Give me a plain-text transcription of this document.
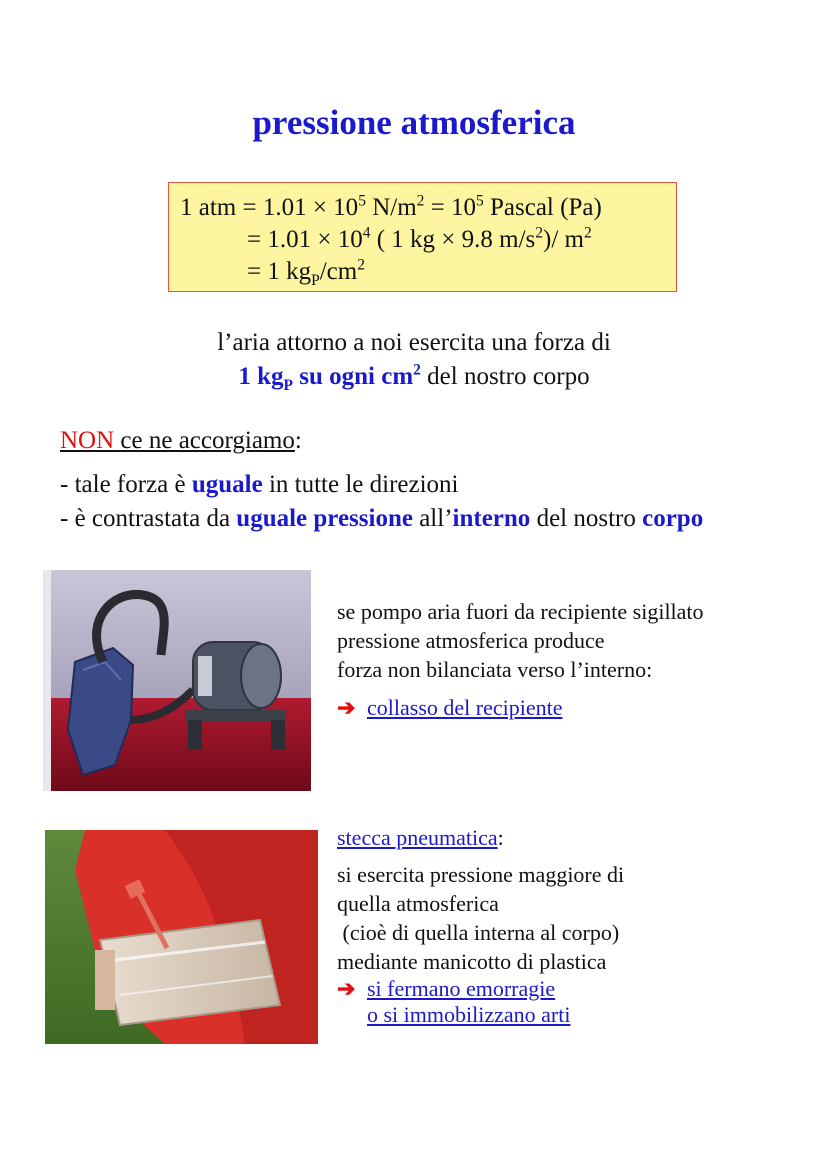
pressione atmosferica
1 atm = $1.01 \times 10^5$ $N/m^2 = 10^5$ Pascal (Pa)
= $1.01 \times 10^4$ ( 1 kg × 9.8 $m/s^2)/$ $m^2$
= 1 $kg_P/cm^2$
l’aria attorno a noi esercita una forza di
1 $kg_P$ su ogni $cm^2$ del nostro corpo
NON ce ne accorgiamo:
- tale forza è uguale in tutte le direzioni
- è contrastata da uguale pressione all’interno del nostro corpo
se pompo aria fuori da recipiente sigillato
pressione atmosferica produce
forza non bilanciata verso l’interno:
➔ collasso del recipiente
stecca pneumatica:
si esercita pressione maggiore di
quella atmosferica
(cioè di quella interna al corpo)
mediante manicotto di plastica
➔ si fermano emorragie
o si immobilizzano arti
